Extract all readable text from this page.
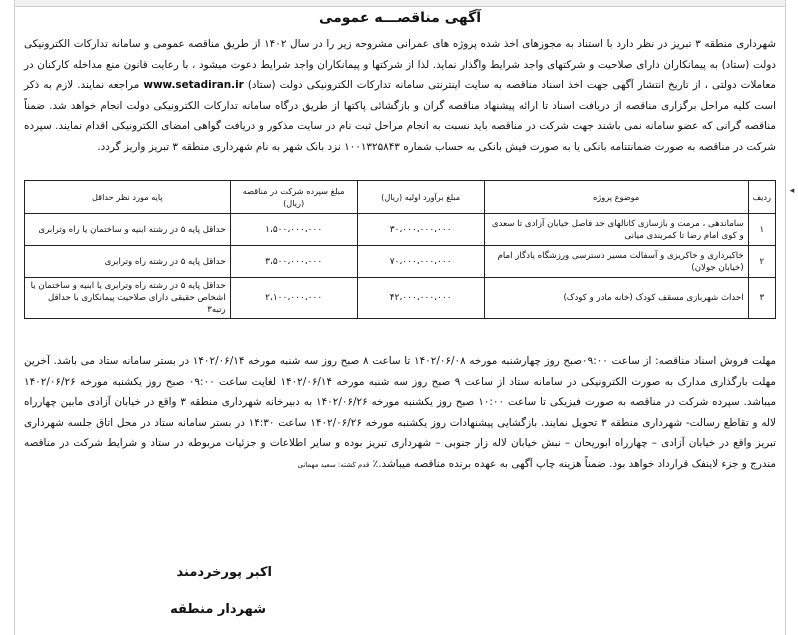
◂
آگهی مناقصـــه عمومی

شهرداری منطقه ۳ تبریز در نظر دارد با استناد به مجوزهای اخذ شده پروژه های عمرانی مشروحه زیر را در سال ۱۴۰۲ از طریق مناقصه عمومی و سامانه تدارکات الکترونیکی دولت (ستاد) به پیمانکاران دارای صلاحیت و شرکتهای واجد شرایط واگذار نماید. لذا از شرکتها و پیمانکاران واجد شرایط دعوت میشود ، با رعایت قانون منع مداخله کارکنان در معاملات دولتی ، از تاریخ انتشار آگهی جهت اخذ اسناد مناقصه به سایت اینترنتی سامانه تدارکات الکترونیکی دولت (ستاد) www.setadiran.ir مراجعه نمایند. لازم به ذکر است کلیه مراحل برگزاری مناقصه از دریافت اسناد تا ارائه پیشنهاد مناقصه گران و بازگشائی پاکتها از طریق درگاه سامانه تدارکات الکترونیکی دولت انجام خواهد شد. ضمناً مناقصه گرانی که عضو سامانه نمی باشند جهت شرکت در مناقصه باید نسبت به انجام مراحل ثبت نام در سایت مذکور و دریافت گواهی امضای الکترونیکی اقدام نمایند. سپرده شرکت در مناقصه به صورت ضمانتنامه بانکی یا به صورت فیش بانکی به حساب شماره ۱۰۰۱۳۲۵۸۴۳ نزد بانک شهر به نام شهرداری منطقه ۳ تبریز واریز گردد.

ردیف	موضوع پروژه	مبلغ برآورد اولیه (ریال)	مبلغ سپرده شرکت در مناقصه (ریال)	پایه مورد نظر حداقل
۱	ساماندهی ، مرمت و بازسازی کانالهای حد فاصل خیابان آزادی تا سعدی و کوی امام رضا تا کمربندی میانی	۳۰،۰۰۰،۰۰۰،۰۰۰	۱،۵۰۰،۰۰۰،۰۰۰	حداقل پایه ۵ در رشته ابنیه و ساختمان یا راه وترابری
۲	خاکبرداری و خاکریزی و آسفالت مسیر دسترسی ورزشگاه یادگار امام (خیابان جولان)	۷۰،۰۰۰،۰۰۰،۰۰۰	۳،۵۰۰،۰۰۰،۰۰۰	حداقل پایه ۵ در رشته راه وترابری
۳	احداث شهربازی مسقف کودک (خانه مادر و کودک)	۴۲،۰۰۰،۰۰۰،۰۰۰	۲،۱۰۰،۰۰۰،۰۰۰	حداقل پایه ۵ در رشته راه وترابری یا ابنیه و ساختمان یا اشخاص حقیقی دارای صلاحیت پیمانکاری با حداقل رتبه۳

مهلت فروش اسناد مناقصه: از ساعت ۰۹:۰۰صبح روز چهارشنبه مورخه ۱۴۰۲/۰۶/۰۸ تا ساعت ۸ صبح روز سه شنبه مورخه ۱۴۰۲/۰۶/۱۴ در بستر سامانه ستاد می باشد. آخرین مهلت بارگذاری مدارک به صورت الکترونیکی در سامانه ستاد از ساعت ۹ صبح روز سه شنبه مورخه ۱۴۰۲/۰۶/۱۴ لغایت ساعت ۰۹:۰۰ صبح روز یکشنبه مورخه ۱۴۰۲/۰۶/۲۶ میباشد. سپرده شرکت در مناقصه به صورت فیزیکی تا ساعت ۱۰:۰۰ صبح روز یکشنبه مورخه ۱۴۰۲/۰۶/۲۶ به دبیرخانه شهرداری منطقه ۳ واقع در خیابان آزادی مابین چهارراه لاله و تقاطع رسالت- شهرداری منطقه ۳ تحویل نمایند. بازگشایی پیشنهادات روز یکشنبه مورخه ۱۴۰۲/۰۶/۲۶ ساعت ۱۴:۳۰ در بستر سامانه ستاد در محل اتاق جلسه شهرداری تبریز واقع در خیابان آزادی – چهارراه ابوریحان – نبش خیابان لاله زار جنوبی – شهرداری تبریز بوده و سایر اطلاعات و جزئیات مربوطه در ستاد و شرایط شرکت در مناقصه مندرج و جزء لاینفک قرارداد خواهد بود. ضمناً هزینه چاپ آگهی به عهده برنده مناقصه میباشد.٪ قدم کشته: سعید مهمانی

اکبر پورخردمند
شهردار منطقه
